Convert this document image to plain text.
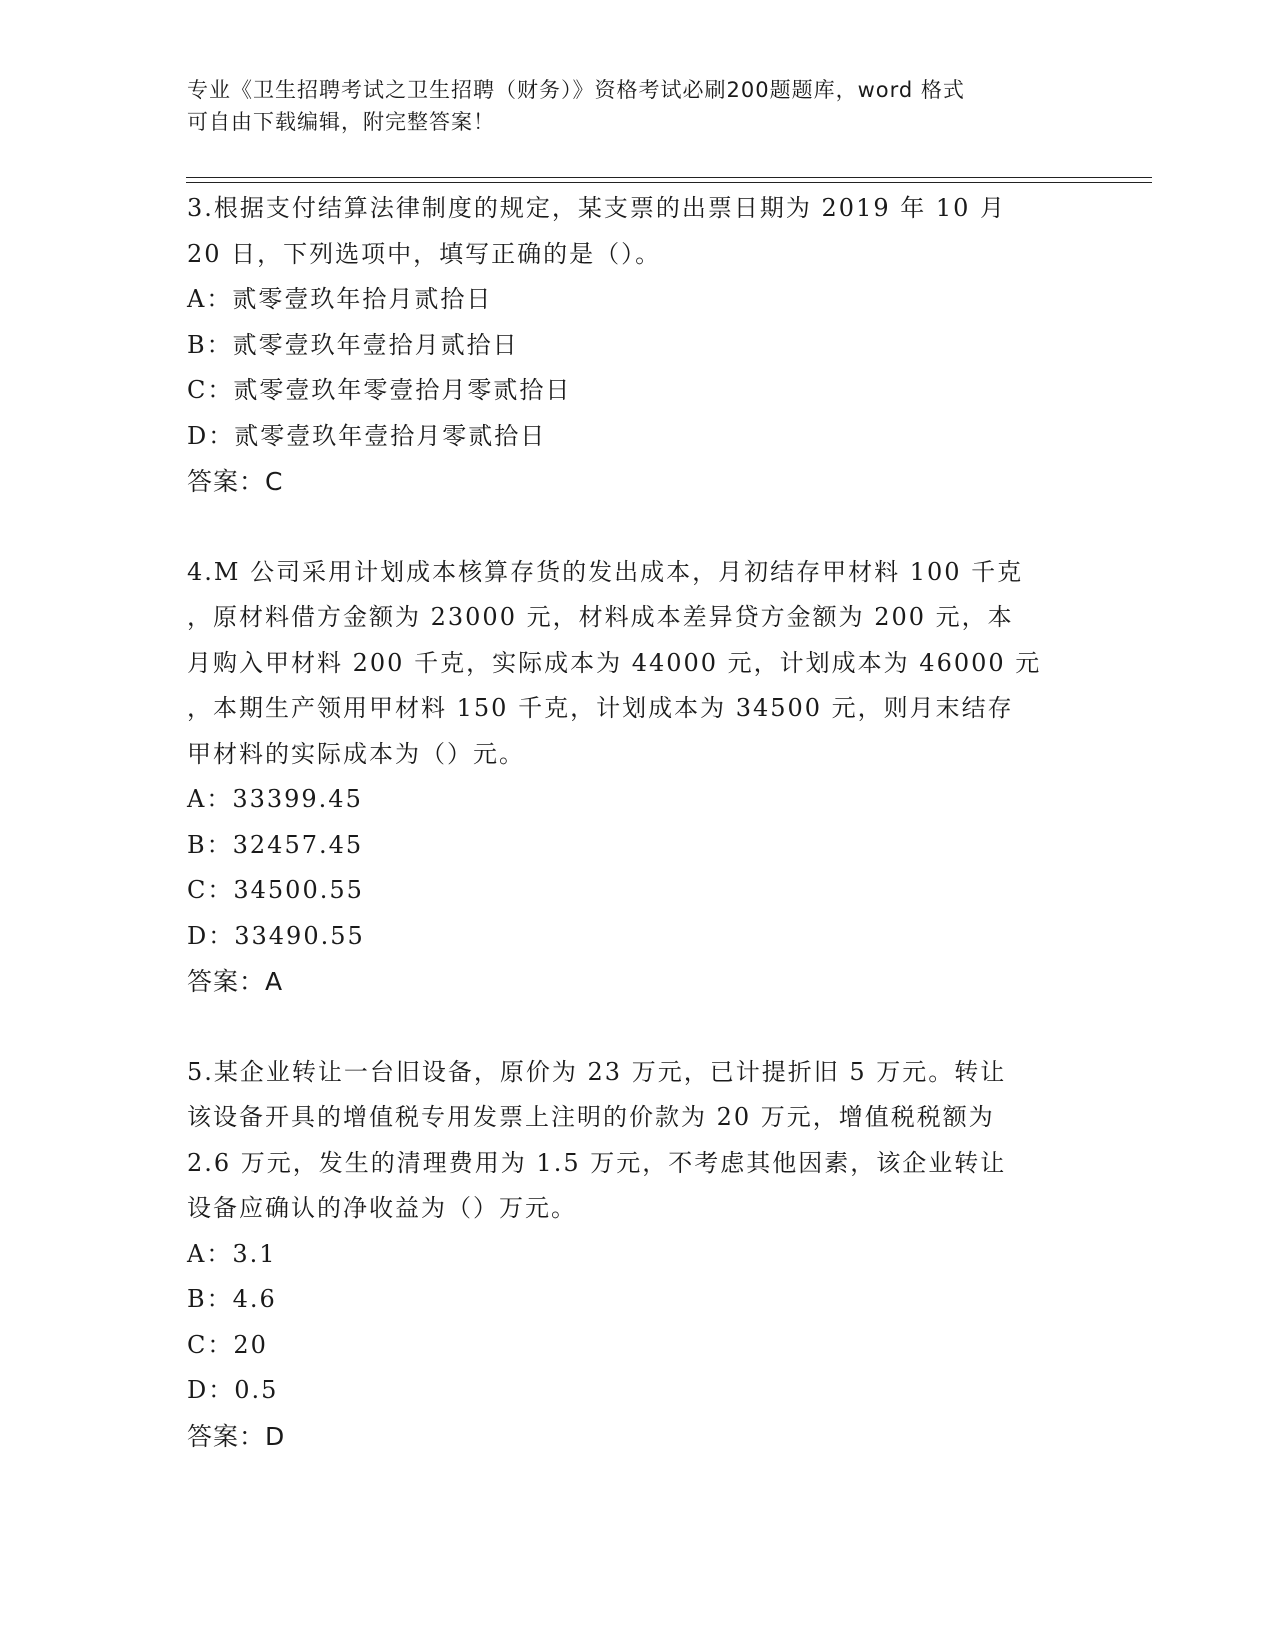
专业《卫生招聘考试之卫生招聘（财务）》资格考试必刷200题题库，word 格式
可自由下载编辑，附完整答案！
3.根据支付结算法律制度的规定，某支票的出票日期为 2019 年 10 月
20 日，下列选项中，填写正确的是（）。
A：贰零壹玖年拾月贰拾日
B：贰零壹玖年壹拾月贰拾日
C：贰零壹玖年零壹拾月零贰拾日
D：贰零壹玖年壹拾月零贰拾日
答案：C
4.M 公司采用计划成本核算存货的发出成本，月初结存甲材料 100 千克
，原材料借方金额为 23000 元，材料成本差异贷方金额为 200 元，本
月购入甲材料 200 千克，实际成本为 44000 元，计划成本为 46000 元
，本期生产领用甲材料 150 千克，计划成本为 34500 元，则月末结存
甲材料的实际成本为（）元。
A：33399.45
B：32457.45
C：34500.55
D：33490.55
答案：A
5.某企业转让一台旧设备，原价为 23 万元，已计提折旧 5 万元。转让
该设备开具的增值税专用发票上注明的价款为 20 万元，增值税税额为
2.6 万元，发生的清理费用为 1.5 万元，不考虑其他因素，该企业转让
设备应确认的净收益为（）万元。
A：3.1
B：4.6
C：20
D：0.5
答案：D
